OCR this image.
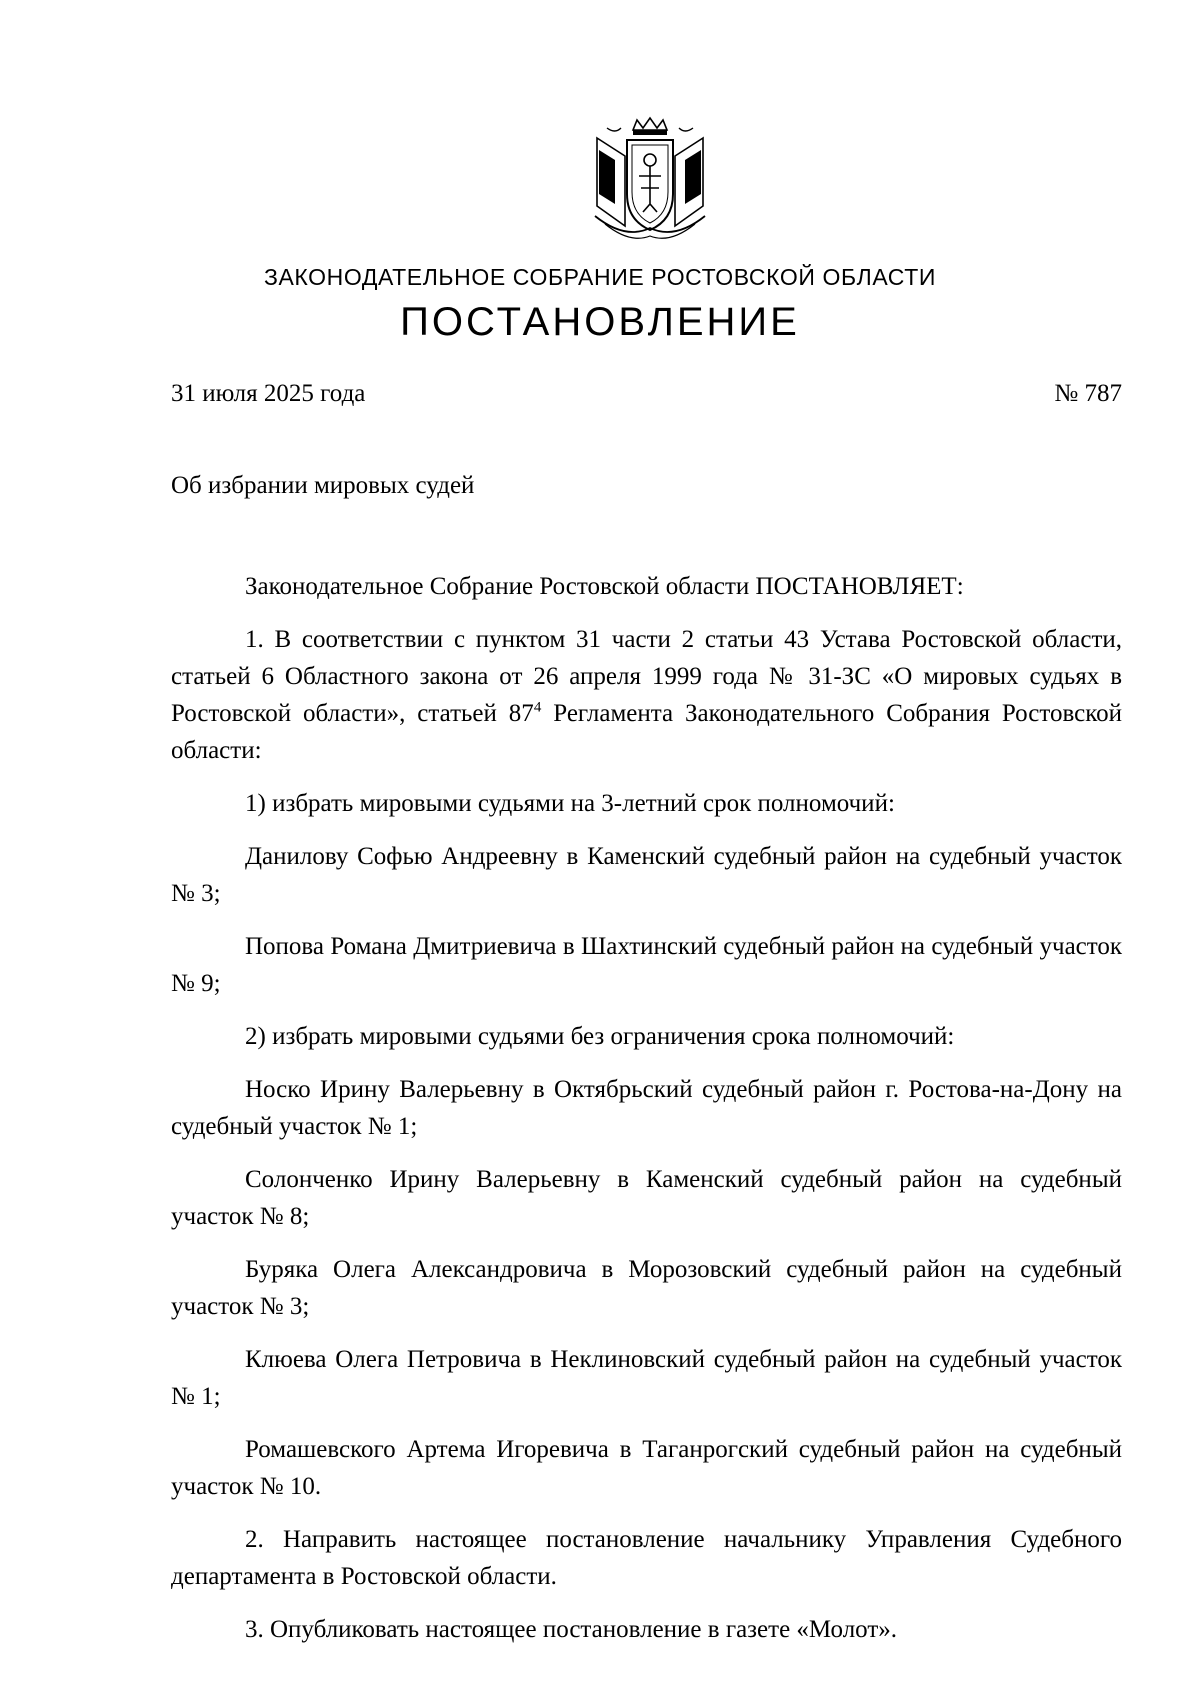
ЗАКОНОДАТЕЛЬНОЕ СОБРАНИЕ РОСТОВСКОЙ ОБЛАСТИ
ПОСТАНОВЛЕНИЕ
31 июля 2025 года	№ 787
Об избрании мировых судей

Законодательное Собрание Ростовской области ПОСТАНОВЛЯЕТ:

1. В соответствии с пунктом 31 части 2 статьи 43 Устава Ростовской области, статьей 6 Областного закона от 26 апреля 1999 года № 31-ЗС «О мировых судьях в Ростовской области», статьей $87^4$ Регламента Законодательного Собрания Ростовской области:

1) избрать мировыми судьями на 3-летний срок полномочий:

Данилову Софью Андреевну в Каменский судебный район на судебный участок № 3;

Попова Романа Дмитриевича в Шахтинский судебный район на судебный участок № 9;

2) избрать мировыми судьями без ограничения срока полномочий:

Носко Ирину Валерьевну в Октябрьский судебный район г. Ростова-на-Дону на судебный участок № 1;

Солонченко Ирину Валерьевну в Каменский судебный район на судебный участок № 8;

Буряка Олега Александровича в Морозовский судебный район на судебный участок № 3;

Клюева Олега Петровича в Неклиновский судебный район на судебный участок № 1;

Ромашевского Артема Игоревича в Таганрогский судебный район на судебный участок № 10.

2. Направить настоящее постановление начальнику Управления Судебного департамента в Ростовской области.

3. Опубликовать настоящее постановление в газете «Молот».
